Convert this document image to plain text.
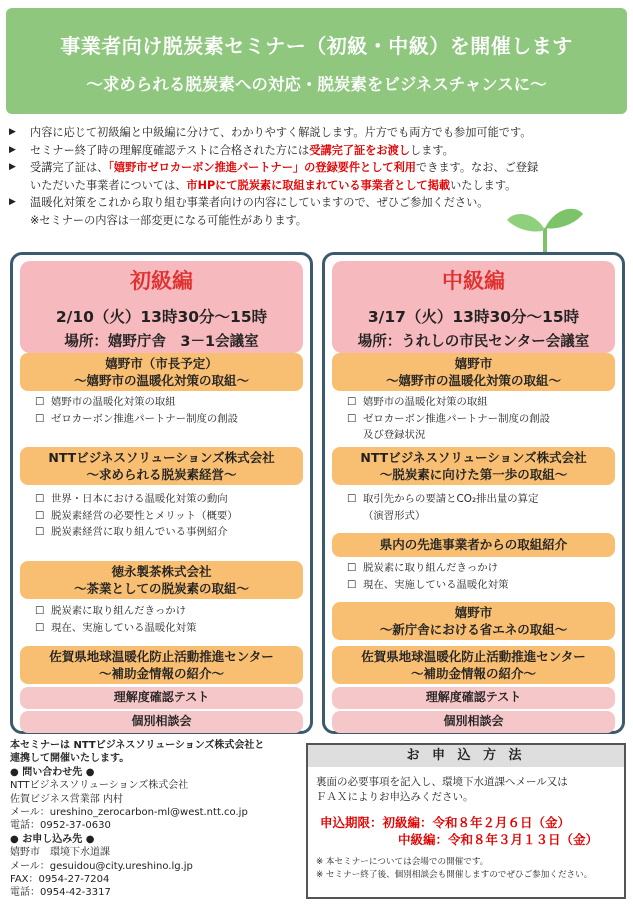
事業者向け脱炭素セミナー（初級・中級）を開催します
～求められる脱炭素への対応・脱炭素をビジネスチャンスに～
▶	内容に応じて初級編と中級編に分けて、わかりやすく解説します。片方でも両方でも参加可能です。
▶	セミナー終了時の理解度確認テストに合格された方には受講完了証をお渡しします。
▶	受講完了証は、「嬉野市ゼロカーボン推進パートナー」の登録要件として利用できます。なお、ご登録
いただいた事業者については、市HPにて脱炭素に取組まれている事業者として掲載いたします。
▶	温暖化対策をこれから取り組む事業者向けの内容にしていますので、ぜひご参加ください。
※セミナーの内容は一部変更になる可能性があります。
初級編
2/10（火）13時30分～15時
場所：嬉野庁舎　3－1会議室
嬉野市（市長予定）
～嬉野市の温暖化対策の取組～
☐ 嬉野市の温暖化対策の取組
☐ ゼロカーボン推進パートナー制度の創設
NTTビジネスソリューションズ株式会社
～求められる脱炭素経営～
☐ 世界・日本における温暖化対策の動向
☐ 脱炭素経営の必要性とメリット（概要）
☐ 脱炭素経営に取り組んでいる事例紹介
徳永製茶株式会社
～茶業としての脱炭素の取組～
☐ 脱炭素に取り組んだきっかけ
☐ 現在、実施している温暖化対策
佐賀県地球温暖化防止活動推進センター
～補助金情報の紹介～
理解度確認テスト
個別相談会
中級編
3/17（火）13時30分～15時
場所：うれしの市民センター会議室
嬉野市
～嬉野市の温暖化対策の取組～
☐ 嬉野市の温暖化対策の取組
☐ ゼロカーボン推進パートナー制度の創設
及び登録状況
NTTビジネスソリューションズ株式会社
～脱炭素に向けた第一歩の取組～
☐ 取引先からの要請とCO₂排出量の算定
（演習形式）
県内の先進事業者からの取組紹介
☐ 脱炭素に取り組んだきっかけ
☐ 現在、実施している温暖化対策
嬉野市
～新庁舎における省エネの取組～
佐賀県地球温暖化防止活動推進センター
～補助金情報の紹介～
理解度確認テスト
個別相談会
本セミナーは NTTビジネスソリューションズ株式会社と
連携して開催いたします。
● 問い合わせ先 ●
NTTビジネスソリューションズ株式会社
佐賀ビジネス営業部 内村
メール：ureshino_zerocarbon-ml@west.ntt.co.jp
電話：0952-37-0630
● お申し込み先 ●
嬉野市　環境下水道課
メール：gesuidou@city.ureshino.lg.jp
FAX：0954-27-7204
電話：0954-42-3317
お 申 込 方 法
裏面の必要事項を記入し、環境下水道課へメール又は
ＦＡＸによりお申込みください。
申込期限：初級編：令和８年２月６日（金）
中級編：令和８年３月１３日（金）
※ 本セミナーについては会場での開催です。
※ セミナー終了後、個別相談会も開催しますのでぜひご参加ください。
